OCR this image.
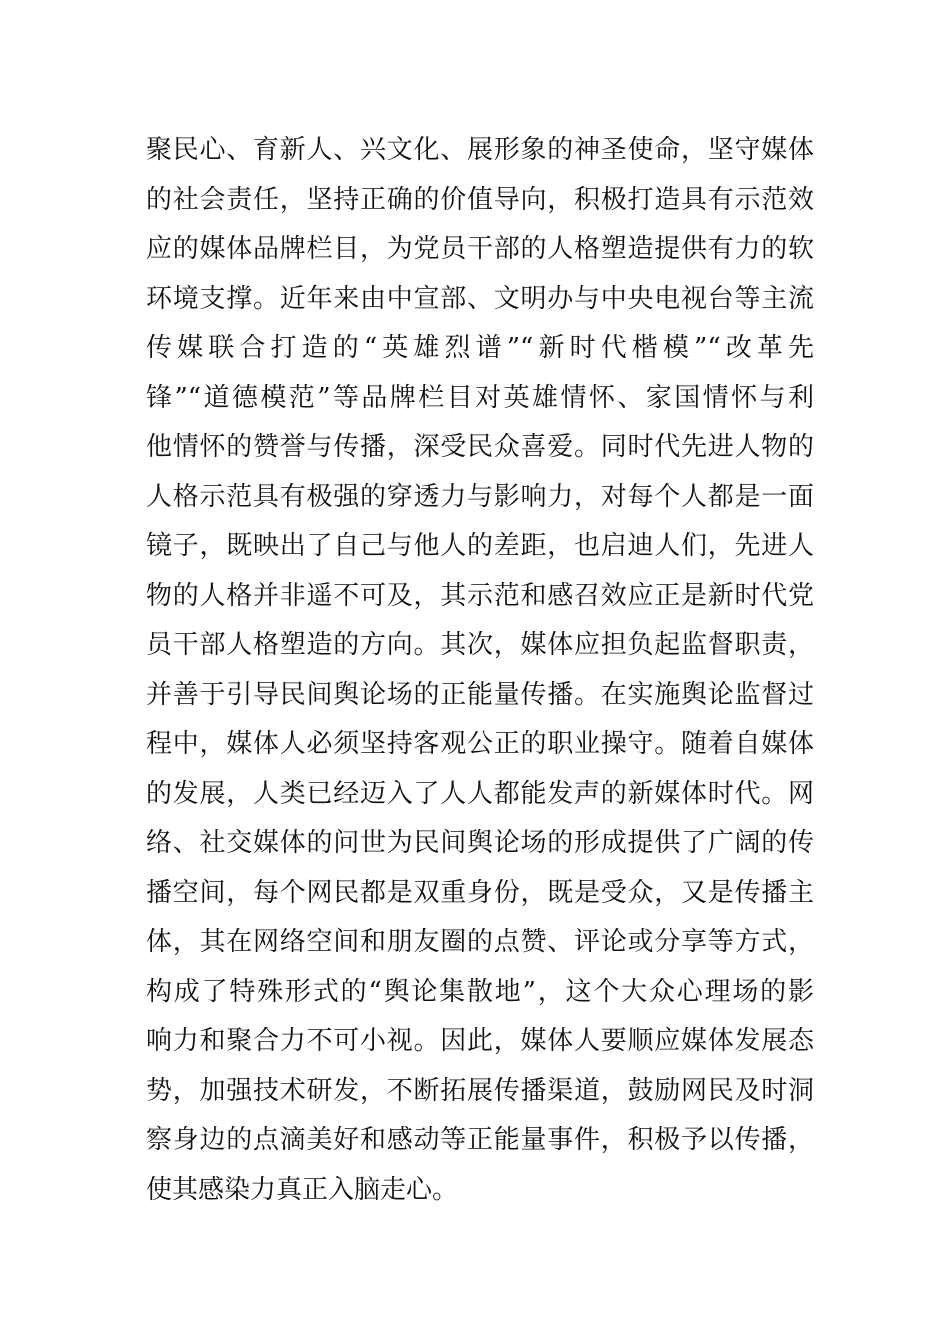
聚民心、育新人、兴文化、展形象的神圣使命，坚守媒体
的社会责任，坚持正确的价值导向，积极打造具有示范效
应的媒体品牌栏目，为党员干部的人格塑造提供有力的软
环境支撑。近年来由中宣部、文明办与中央电视台等主流
传媒联合打造的“英雄烈谱”“新时代楷模”“改革先
锋”“道德模范”等品牌栏目对英雄情怀、家国情怀与利
他情怀的赞誉与传播，深受民众喜爱。同时代先进人物的
人格示范具有极强的穿透力与影响力，对每个人都是一面
镜子，既映出了自己与他人的差距，也启迪人们，先进人
物的人格并非遥不可及，其示范和感召效应正是新时代党
员干部人格塑造的方向。其次，媒体应担负起监督职责，
并善于引导民间舆论场的正能量传播。在实施舆论监督过
程中，媒体人必须坚持客观公正的职业操守。随着自媒体
的发展，人类已经迈入了人人都能发声的新媒体时代。网
络、社交媒体的问世为民间舆论场的形成提供了广阔的传
播空间，每个网民都是双重身份，既是受众，又是传播主
体，其在网络空间和朋友圈的点赞、评论或分享等方式，
构成了特殊形式的“舆论集散地”，这个大众心理场的影
响力和聚合力不可小视。因此，媒体人要顺应媒体发展态
势，加强技术研发，不断拓展传播渠道，鼓励网民及时洞
察身边的点滴美好和感动等正能量事件，积极予以传播，
使其感染力真正入脑走心。
